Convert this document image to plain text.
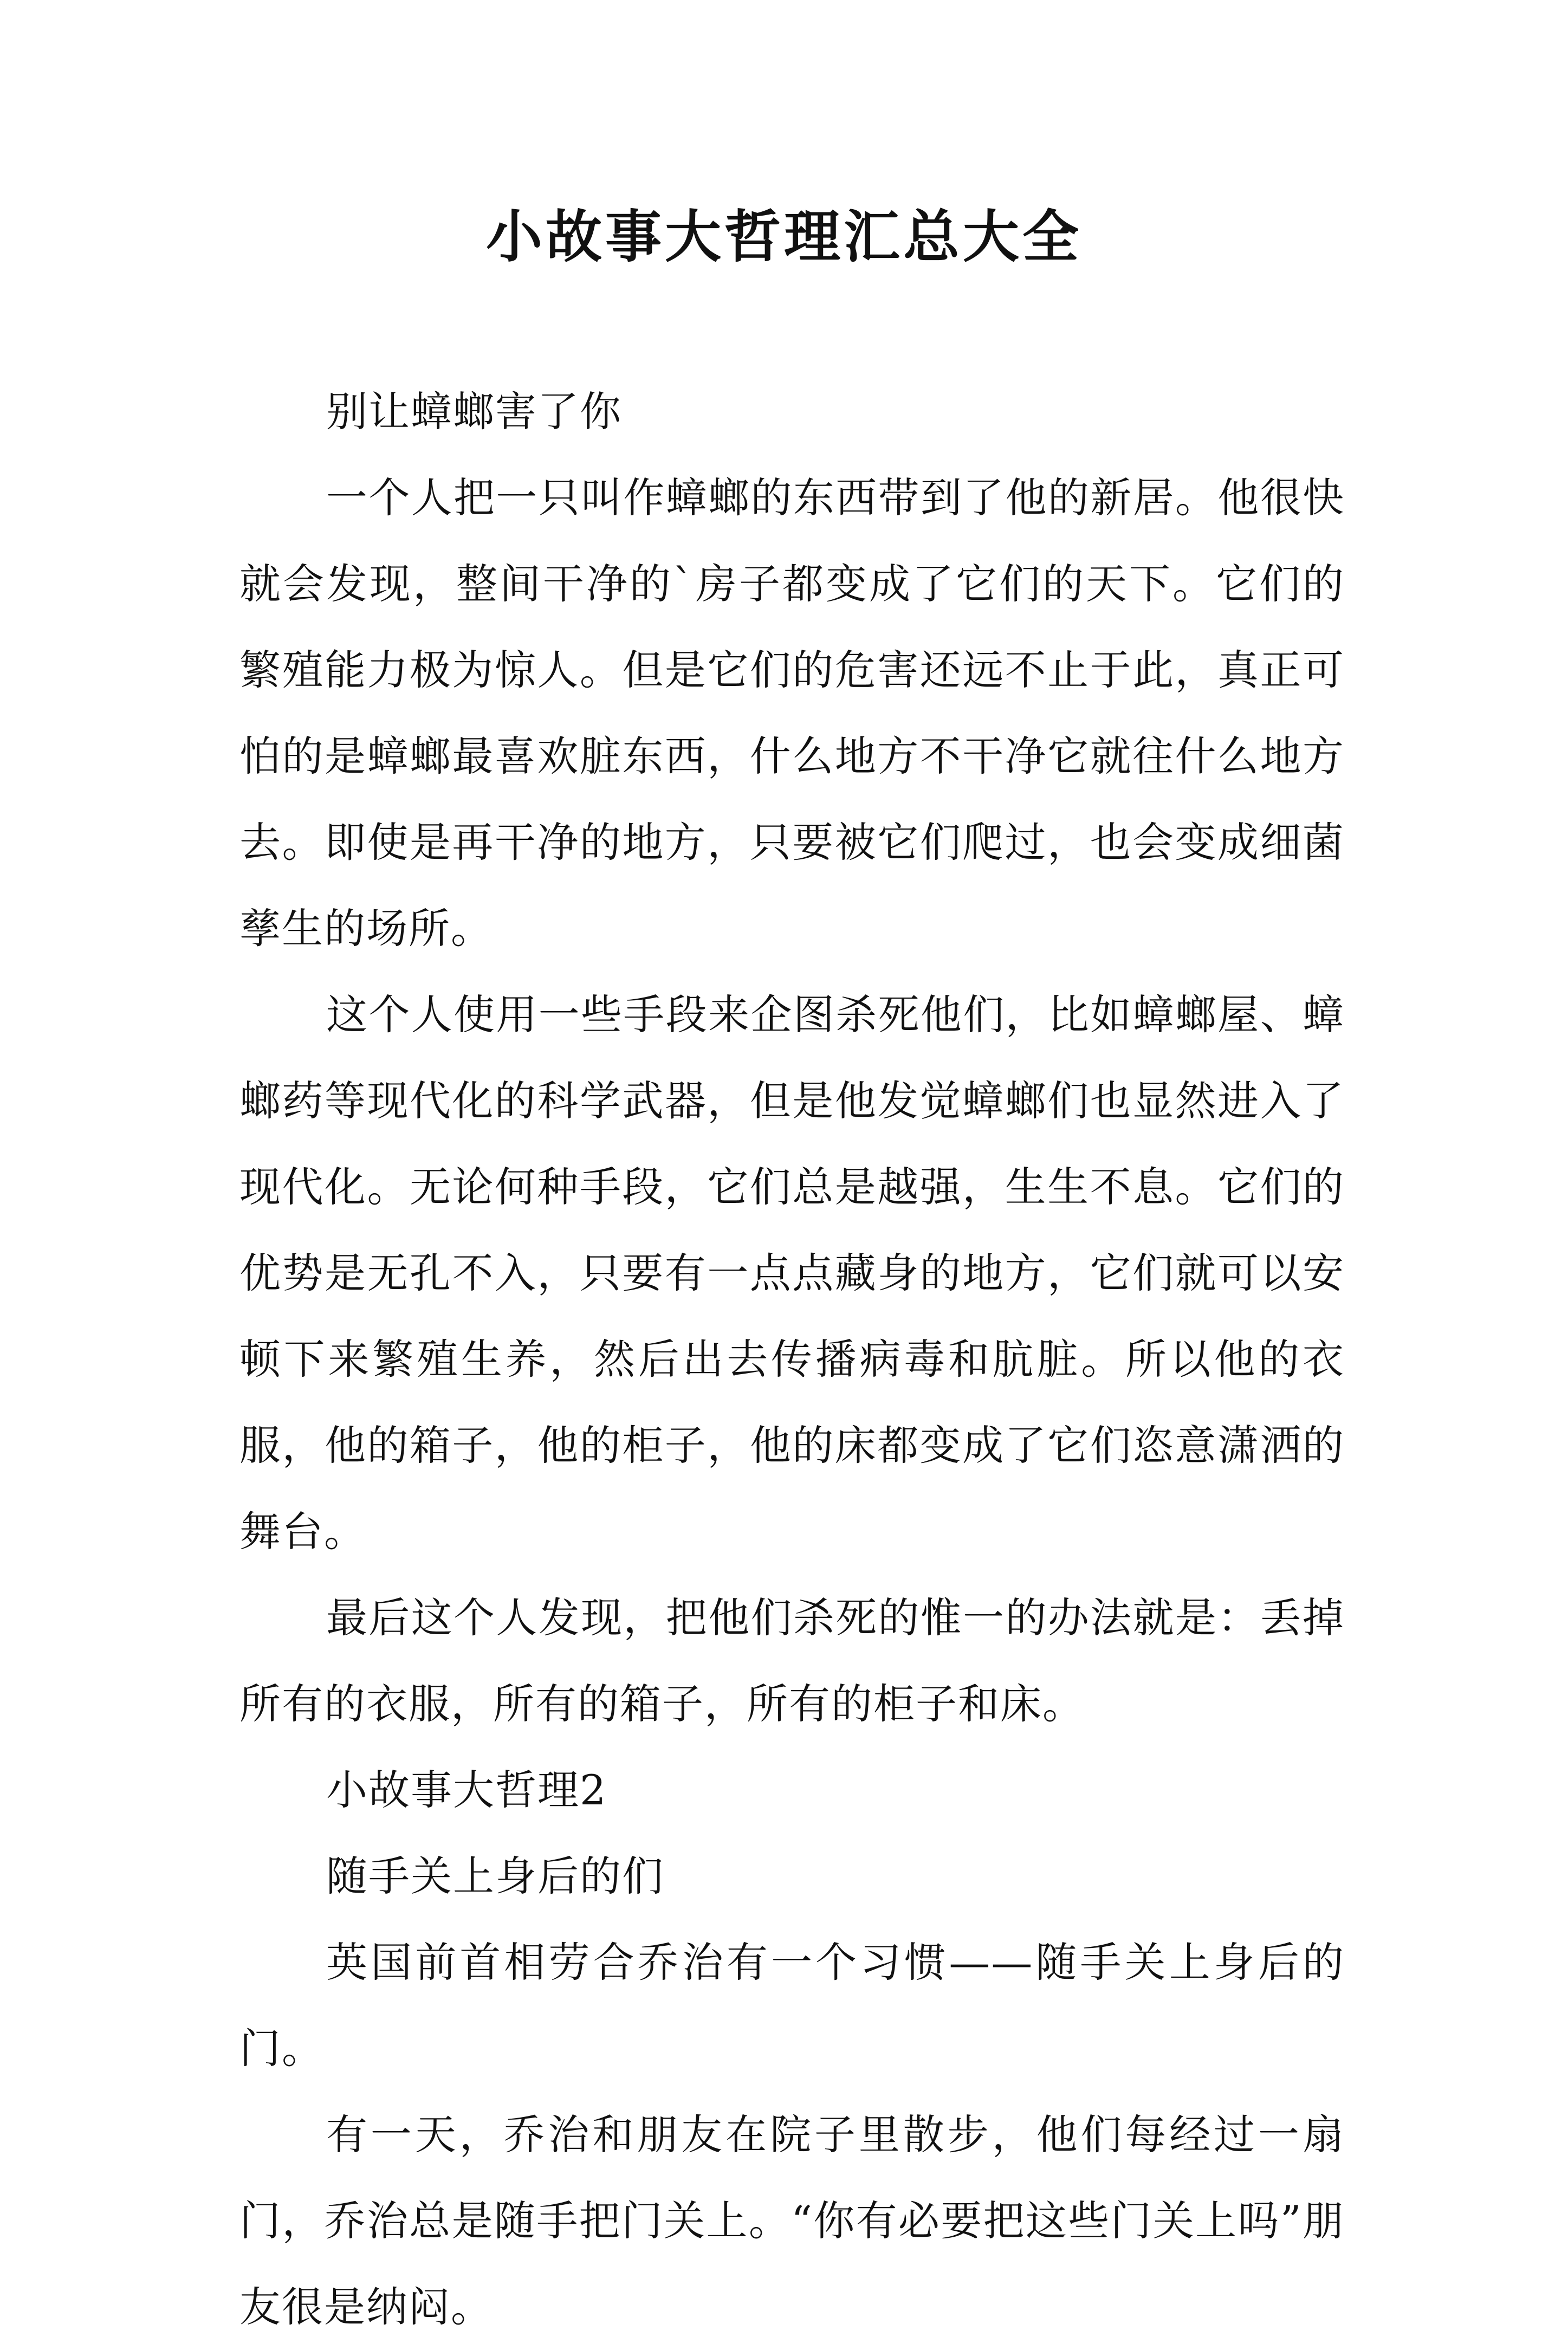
小故事大哲理汇总大全

别让蟑螂害了你

一个人把一只叫作蟑螂的东西带到了他的新居。他很快就会发现，整间干净的`房子都变成了它们的天下。它们的繁殖能力极为惊人。但是它们的危害还远不止于此，真正可怕的是蟑螂最喜欢脏东西，什么地方不干净它就往什么地方去。即使是再干净的地方，只要被它们爬过，也会变成细菌孳生的场所。

这个人使用一些手段来企图杀死他们，比如蟑螂屋、蟑螂药等现代化的科学武器，但是他发觉蟑螂们也显然进入了现代化。无论何种手段，它们总是越强，生生不息。它们的优势是无孔不入，只要有一点点藏身的地方，它们就可以安顿下来繁殖生养，然后出去传播病毒和肮脏。所以他的衣服，他的箱子，他的柜子，他的床都变成了它们恣意潇洒的舞台。

最后这个人发现，把他们杀死的惟一的办法就是：丢掉所有的衣服，所有的箱子，所有的柜子和床。

小故事大哲理2

随手关上身后的们

英国前首相劳合乔治有一个习惯——随手关上身后的门。

有一天，乔治和朋友在院子里散步，他们每经过一扇门，乔治总是随手把门关上。“你有必要把这些门关上吗”朋友很是纳闷。
